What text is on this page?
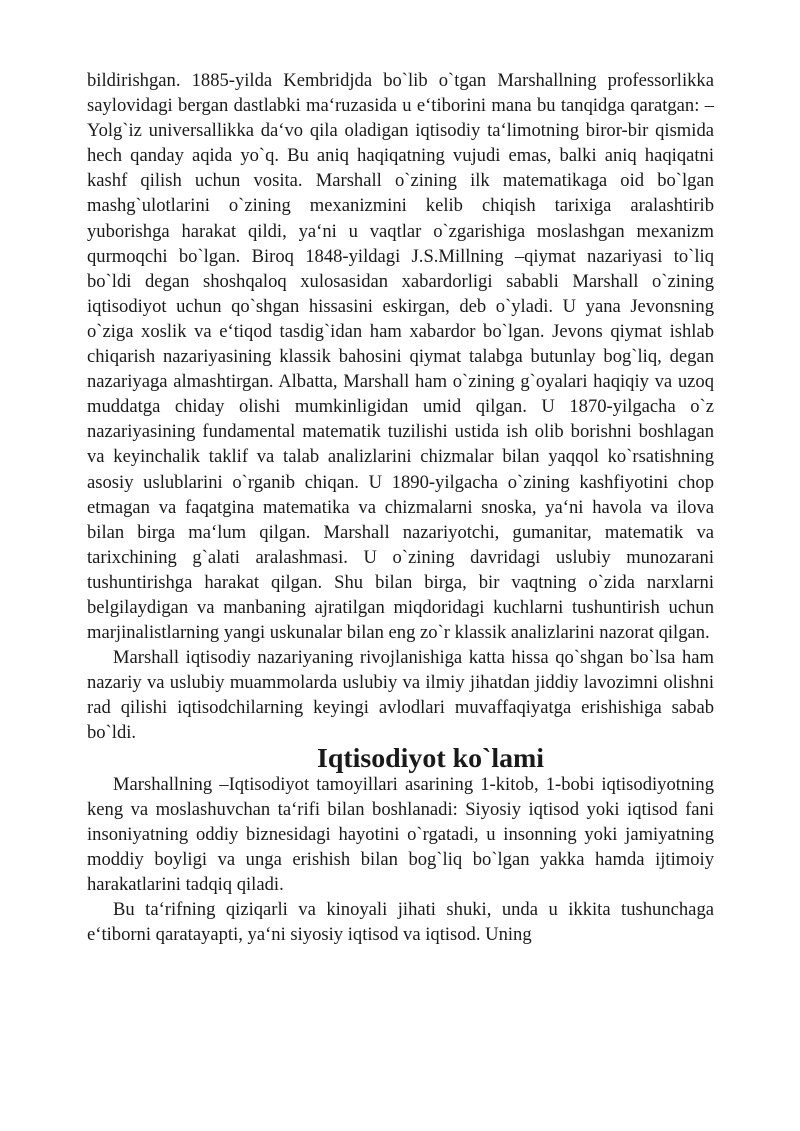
bildirishgan. 1885-yilda Kembridjda bo`lib o`tgan Marshallning professorlikka saylovidagi bergan dastlabki ma‘ruzasida u e‘tiborini mana bu tanqidga qaratgan: –Yolg`iz universallikka da‘vo qila oladigan iqtisodiy ta‘limotning biror-bir qismida hech qanday aqida yo`q. Bu aniq haqiqatning vujudi emas, balki aniq haqiqatni kashf qilish uchun vosita. Marshall o`zining ilk matematikaga oid bo`lgan mashg`ulotlarini o`zining mexanizmini kelib chiqish tarixiga aralashtirib yuborishga harakat qildi, ya‘ni u vaqtlar o`zgarishiga moslashgan mexanizm qurmoqchi bo`lgan. Biroq 1848-yildagi J.S.Millning –qiymat nazariyasi to`liq bo`ldi degan shoshqaloq xulosasidan xabardorligi sababli Marshall o`zining iqtisodiyot uchun qo`shgan hissasini eskirgan, deb o`yladi. U yana Jevonsning o`ziga xoslik va e‘tiqod tasdig`idan ham xabardor bo`lgan. Jevons qiymat ishlab chiqarish nazariyasining klassik bahosini qiymat talabga butunlay bog`liq, degan nazariyaga almashtirgan. Albatta, Marshall ham o`zining g`oyalari haqiqiy va uzoq muddatga chiday olishi mumkinligidan umid qilgan. U 1870-yilgacha o`z nazariyasining fundamental matematik tuzilishi ustida ish olib borishni boshlagan va keyinchalik taklif va talab analizlarini chizmalar bilan yaqqol ko`rsatishning asosiy uslublarini o`rganib chiqan. U 1890-yilgacha o`zining kashfiyotini chop etmagan va faqatgina matematika va chizmalarni snoska, ya‘ni havola va ilova bilan birga ma‘lum qilgan. Marshall nazariyotchi, gumanitar, matematik va tarixchining g`alati aralashmasi. U o`zining davridagi uslubiy munozarani tushuntirishga harakat qilgan. Shu bilan birga, bir vaqtning o`zida narxlarni belgilaydigan va manbaning ajratilgan miqdoridagi kuchlarni tushuntirish uchun marjinalistlarning yangi uskunalar bilan eng zo`r klassik analizlarini nazorat qilgan.

Marshall iqtisodiy nazariyaning rivojlanishiga katta hissa qo`shgan bo`lsa ham nazariy va uslubiy muammolarda uslubiy va ilmiy jihatdan jiddiy lavozimni olishni rad qilishi iqtisodchilarning keyingi avlodlari muvaffaqiyatga erishishiga sabab bo`ldi.

Iqtisodiyot ko`lami

Marshallning –Iqtisodiyot tamoyillari asarining 1-kitob, 1-bobi iqtisodiyotning keng va moslashuvchan ta‘rifi bilan boshlanadi: Siyosiy iqtisod yoki iqtisod fani insoniyatning oddiy biznesidagi hayotini o`rgatadi, u insonning yoki jamiyatning moddiy boyligi va unga erishish bilan bog`liq bo`lgan yakka hamda ijtimoiy harakatlarini tadqiq qiladi.

Bu ta‘rifning qiziqarli va kinoyali jihati shuki, unda u ikkita tushunchaga e‘tiborni qaratayapti, ya‘ni siyosiy iqtisod va iqtisod. Uning
